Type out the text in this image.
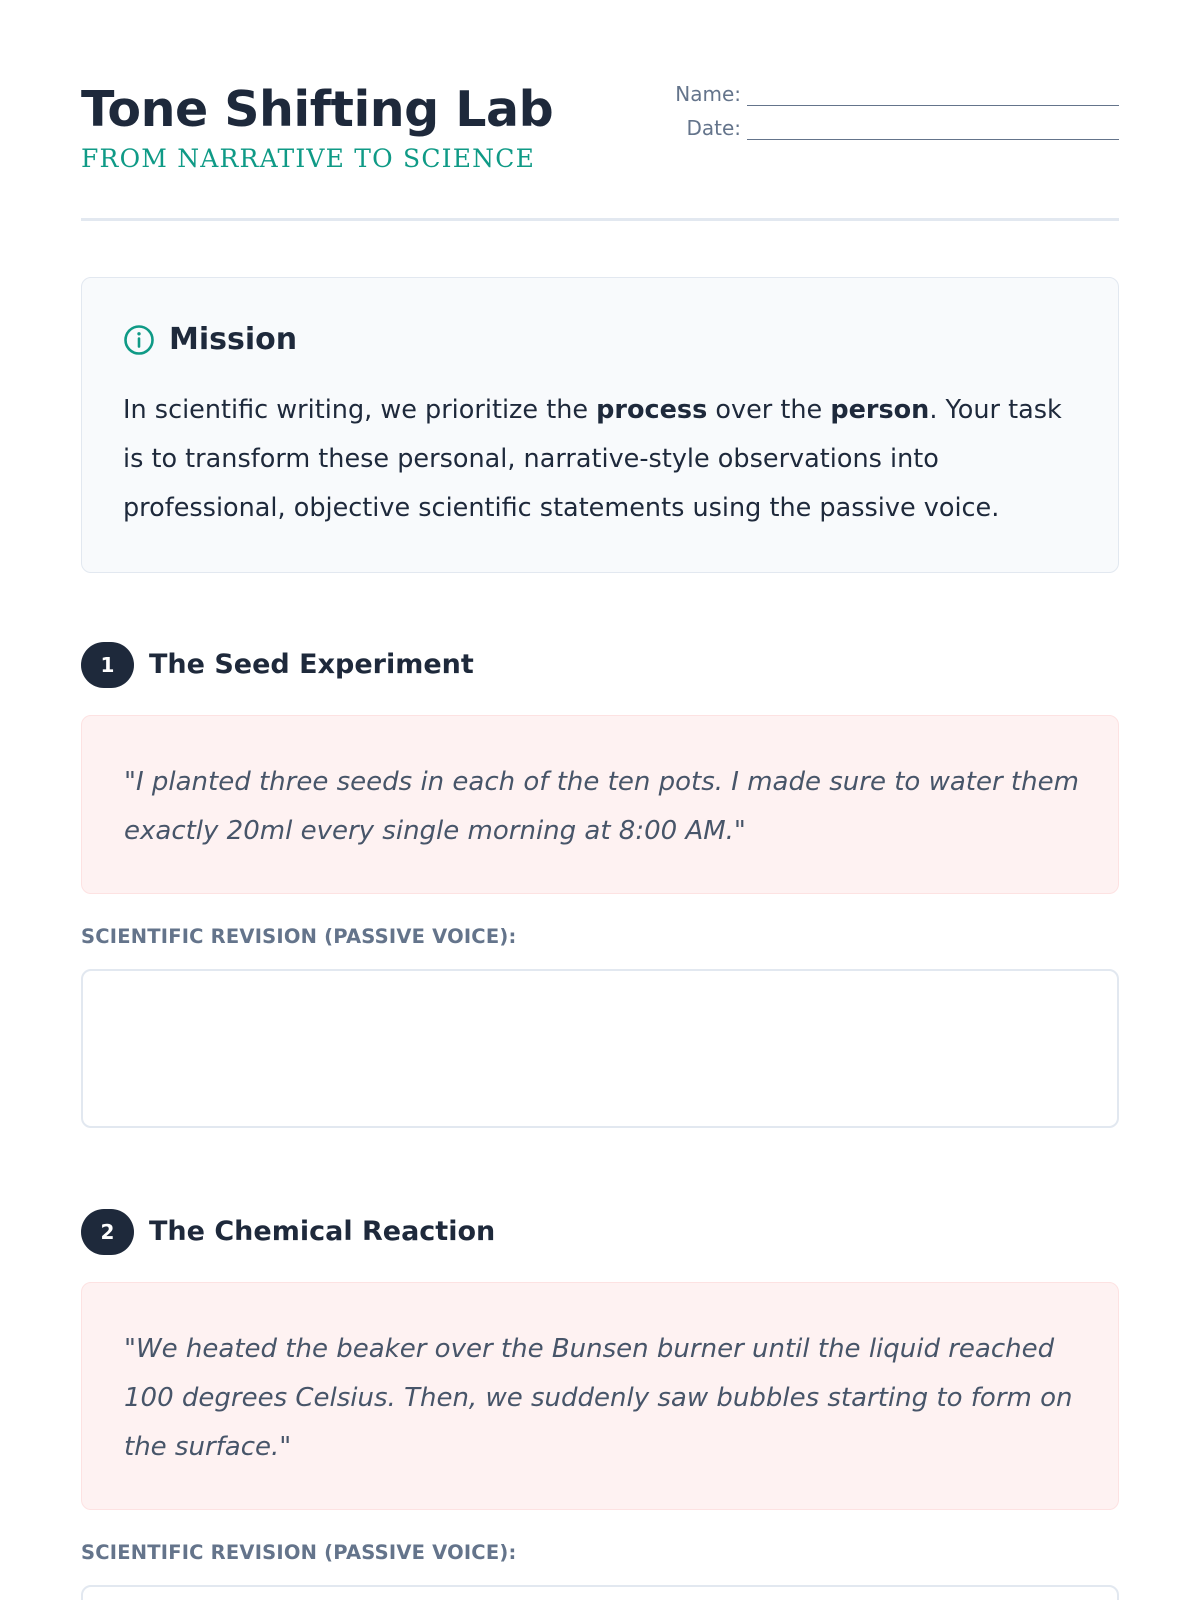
Tone Shifting Lab
FROM NARRATIVE TO SCIENCE
Name:
Date:
Mission

In scientific writing, we prioritize the process over the person. Your task is to transform these personal, narrative-style observations into professional, objective scientific statements using the passive voice.

1	The Seed Experiment

"I planted three seeds in each of the ten pots. I made sure to water them exactly 20ml every single morning at 8:00 AM."

SCIENTIFIC REVISION (PASSIVE VOICE):
2	The Chemical Reaction

"We heated the beaker over the Bunsen burner until the liquid reached 100 degrees Celsius. Then, we suddenly saw bubbles starting to form on the surface."

SCIENTIFIC REVISION (PASSIVE VOICE):
